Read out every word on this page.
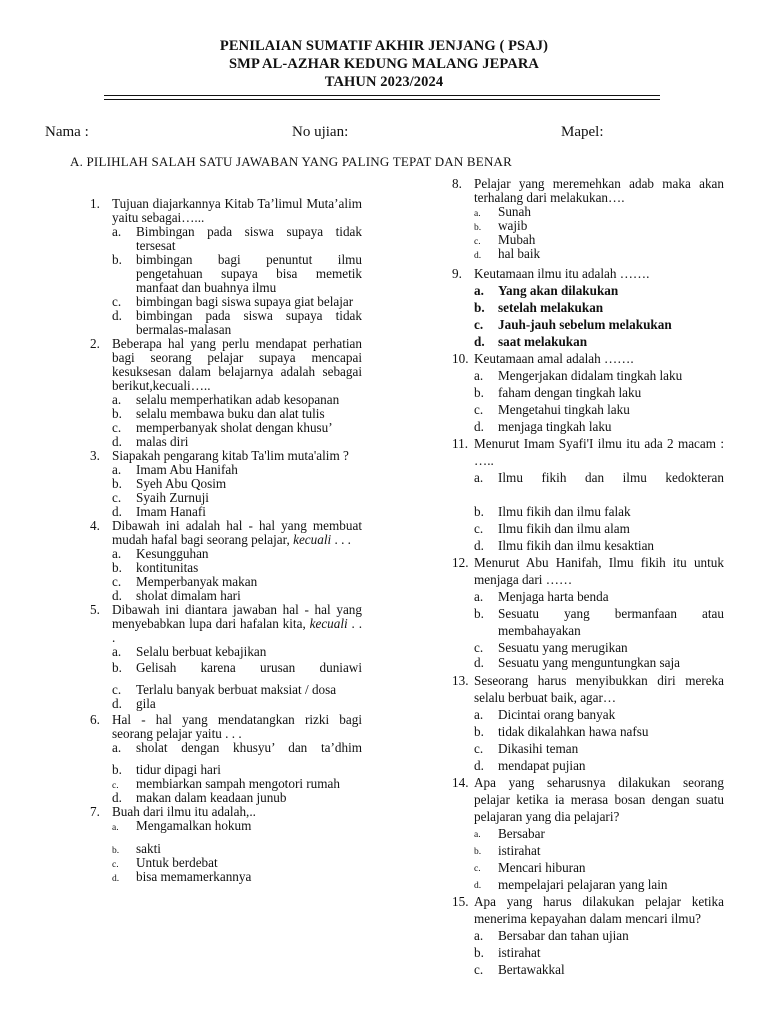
PENILAIAN SUMATIF AKHIR JENJANG ( PSAJ)
SMP AL-AZHAR KEDUNG MALANG JEPARA
TAHUN 2023/2024
Nama :	No ujian:	Mapel:
A. PILIHLAH SALAH SATU JAWABAN YANG PALING TEPAT DAN BENAR
1. Tujuan diajarkannya Kitab Ta’limul Muta’alim yaitu sebagai…...
a. Bimbingan pada siswa supaya tidak tersesat
b. bimbingan bagi penuntut ilmu pengetahuan supaya bisa memetik manfaat dan buahnya ilmu
c. bimbingan bagi siswa supaya giat belajar
d. bimbingan pada siswa supaya tidak bermalas-malasan
2. Beberapa hal yang perlu mendapat perhatian bagi seorang pelajar supaya mencapai kesuksesan dalam belajarnya adalah sebagai berikut,kecuali…..
a. selalu memperhatikan adab kesopanan
b. selalu membawa buku dan alat tulis
c. memperbanyak sholat dengan khusu’
d. malas diri
3. Siapakah pengarang kitab Ta'lim muta'alim ?
a. Imam Abu Hanifah
b. Syeh Abu Qosim
c. Syaih Zurnuji
d. Imam Hanafi
4. Dibawah ini adalah hal - hal yang membuat mudah hafal bagi seorang pelajar, kecuali . . .
a. Kesungguhan
b. kontitunitas
c. Memperbanyak makan
d. sholat dimalam hari
5. Dibawah ini diantara jawaban hal - hal yang menyebabkan lupa dari hafalan kita, kecuali . . .
a. Selalu berbuat kebajikan
b. Gelisah karena urusan duniawi
c. Terlalu banyak berbuat maksiat / dosa
d. gila
6. Hal - hal yang mendatangkan rizki bagi seorang pelajar yaitu . . .
a. sholat dengan khusyu’ dan ta’dhim
b. tidur dipagi hari
c. membiarkan sampah mengotori rumah
d. makan dalam keadaan junub
7. Buah dari ilmu itu adalah,..
a. Mengamalkan hokum
b. sakti
c. Untuk berdebat
d. bisa memamerkannya
8. Pelajar yang meremehkan adab maka akan terhalang dari melakukan….
a. Sunah
b. wajib
c. Mubah
d. hal baik
9. Keutamaan ilmu itu adalah …….
a. Yang akan dilakukan
b. setelah melakukan
c. Jauh-jauh sebelum melakukan
d. saat melakukan
10. Keutamaan amal adalah …….
a. Mengerjakan didalam tingkah laku
b. faham dengan tingkah laku
c. Mengetahui tingkah laku
d. menjaga tingkah laku
11. Menurut Imam Syafi'I ilmu itu ada 2 macam : …..
a. Ilmu fikih dan ilmu kedokteran
b. Ilmu fikih dan ilmu falak
c. Ilmu fikih dan ilmu alam
d. Ilmu fikih dan ilmu kesaktian
12. Menurut Abu Hanifah, Ilmu fikih itu untuk menjaga dari ……
a. Menjaga harta benda
b. Sesuatu yang bermanfaan atau membahayakan
c. Sesuatu yang merugikan
d. Sesuatu yang menguntungkan saja
13. Seseorang harus menyibukkan diri mereka selalu berbuat baik, agar…
a. Dicintai orang banyak
b. tidak dikalahkan hawa nafsu
c. Dikasihi teman
d. mendapat pujian
14. Apa yang seharusnya dilakukan seorang pelajar ketika ia merasa bosan dengan suatu pelajaran yang dia pelajari?
a. Bersabar
b. istirahat
c. Mencari hiburan
d. mempelajari pelajaran yang lain
15. Apa yang harus dilakukan pelajar ketika menerima kepayahan dalam mencari ilmu?
a. Bersabar dan tahan ujian
b. istirahat
c. Bertawakkal
